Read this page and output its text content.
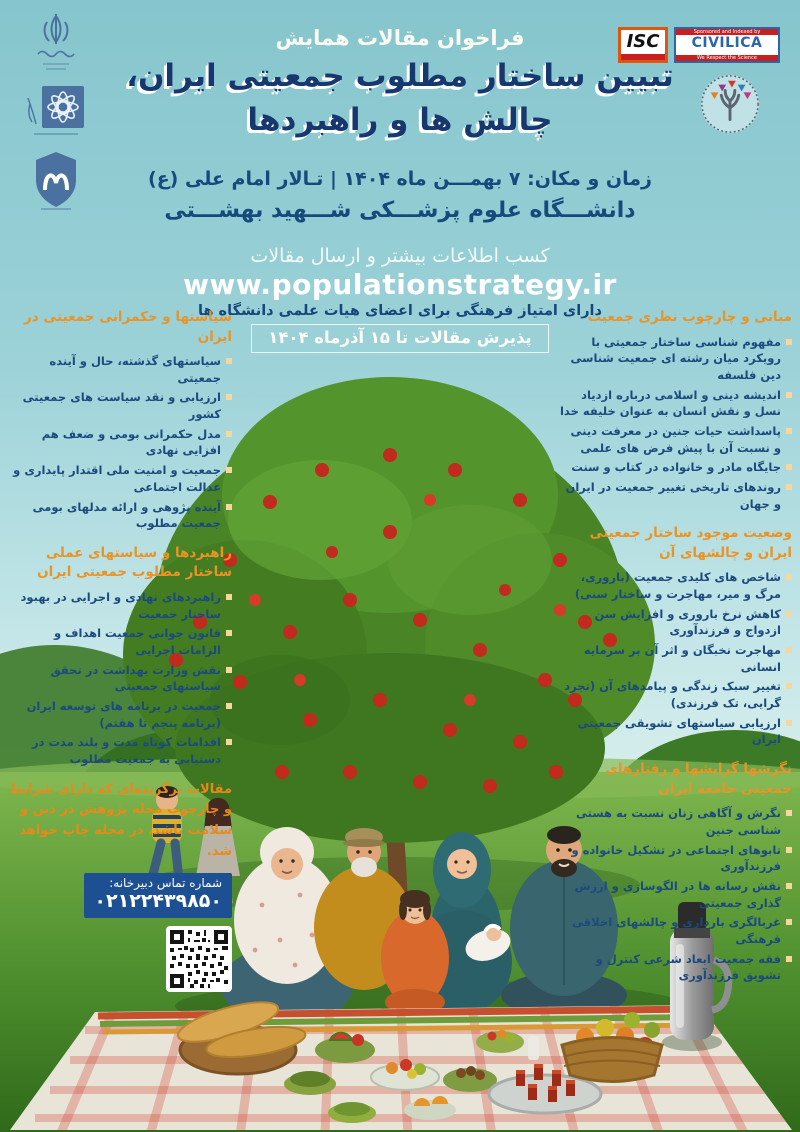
ISC	Sponsored and Indexed by
CIVILICA
We Respect the Science
فراخوان مقالات همایش
تبیین ساختار مطلوب جمعیتی ایران،
چالش ها و راهبردها
زمان و مکان: ۷ بهمـــن ماه ۱۴۰۴ | تـالار امام علی (ع)
دانشـــگاه علوم پزشـــکی شـــهید بهشـــتی
کسب اطلاعات بیشتر و ارسال مقالات
www.populationstrategy.ir
دارای امتیاز فرهنگی برای اعضای هیات علمی دانشگاه ها
پذیرش مقالات تا ۱۵ آذرماه ۱۴۰۴
مبانی و چارچوب نظری جمعیت
مفهوم شناسی ساختار جمعیتی با رویکرد میان رشته ای جمعیت شناسی دین فلسفه
اندیشه دینی و اسلامی درباره ازدیاد نسل و نقش انسان به عنوان خلیفه خدا
پاسداشت حیات جنین در معرفت دینی و نسبت آن با پیش فرض های علمی
جایگاه مادر و خانواده در کتاب و سنت
روندهای تاریخی تغییر جمعیت در ایران و جهان
وضعیت موجود ساختار جمعیتی ایران و چالشهای آن
شاخص های کلیدی جمعیت (باروری، مرگ و میر، مهاجرت و ساختار سنی)
کاهش نرخ باروری و افزایش سن ازدواج و فرزندآوری
مهاجرت نخبگان و اثر آن بر سرمایه انسانی
تغییر سبک زندگی و پیامدهای آن (تجرد گرایی، تک فرزندی)
ارزیابی سیاستهای تشویقی جمعیتی ایران
نگرشها گرایشها و رفتارهای جمعیتی جامعه ایران
نگرش و آگاهی زنان نسبت به هستی شناسی جنین
تابوهای اجتماعی در تشکیل خانواده و فرزندآوری
نقش رسانه ها در الگوسازی و ارزش گذاری جمعیتی
غربالگری بارداری و چالشهای اخلاقی فرهنگی
فقه جمعیت ابعاد شرعی کنترل و تشویق فرزندآوری
سیاستها و حکمرانی جمعیتی در ایران
سیاستهای گذشته، حال و آینده جمعیتی
ارزیابی و نقد سیاست های جمعیتی کشور
مدل حکمرانی بومی و ضعف هم افزایی نهادی
جمعیت و امنیت ملی اقتدار پایداری و عدالت اجتماعی
آینده پژوهی و ارائه مدلهای بومی جمعیت مطلوب
راهبردها و سیاستهای عملی ساختار مطلوب جمعیتی ایران
راهبردهای نهادی و اجرایی در بهبود ساختار جمعیت
قانون جوانی جمعیت اهداف و الزامات اجرایی
نقش وزارت بهداشت در تحقق سیاستهای جمعیتی
جمعیت در برنامه های توسعه ایران (برنامه پنجم تا هفتم)
اقدامات کوتاه مدت و بلند مدت در دستیابی به جمعیت مطلوب
مقالات برگزیده‌ای که دارای شرایط و چارچوب مجله پژوهش در دین و سلامت باشد، در مجله چاپ خواهد شد.
شماره تماس دبیرخانه:
۰۲۱۲۲۴۳۹۸۵۰
